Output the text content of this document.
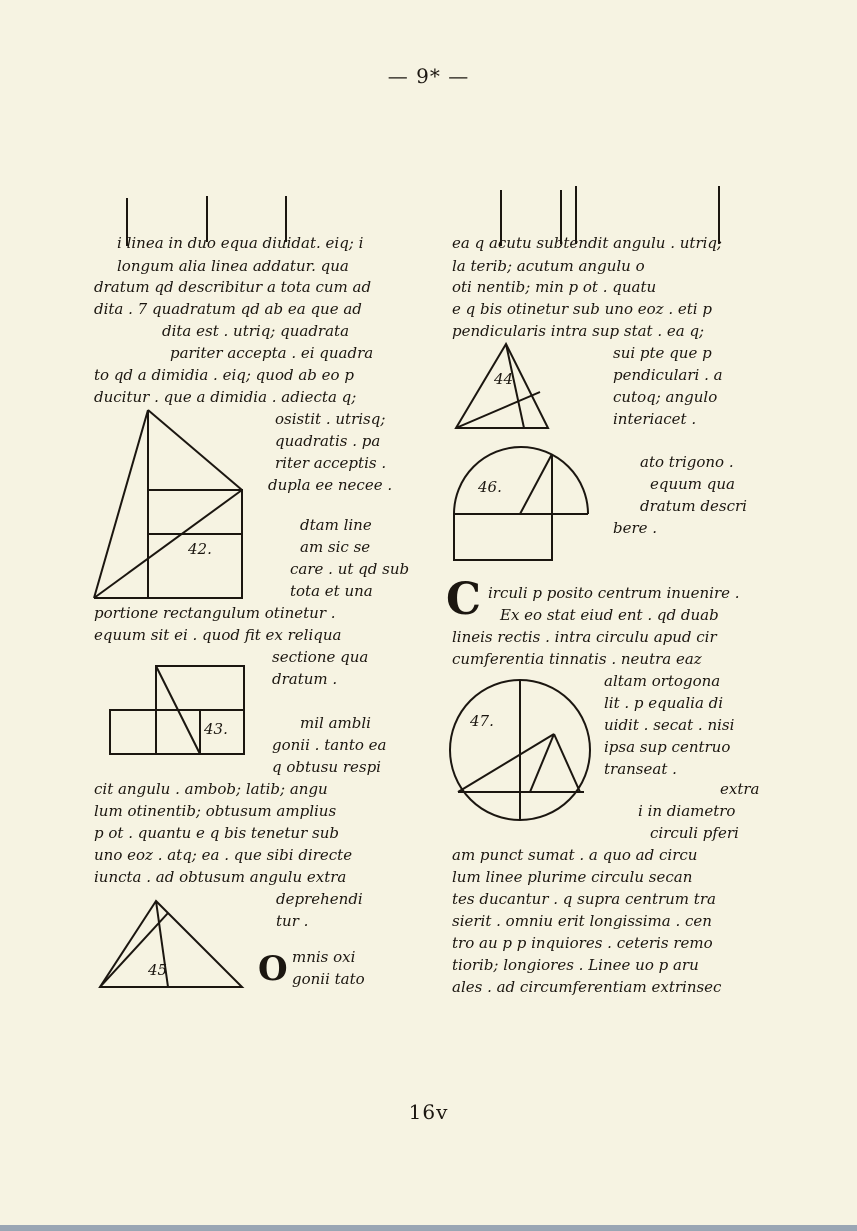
— 9* —

i linea in duo equa diuidat. eiq; i

longum alia linea addatur. qua

dratum qd describitur a tota cum ad

dita . 7 quadratum qd ab ea que ad

dita est . utriq; quadrata

pariter accepta . ei quadra

to qd a dimidia . eiq; quod ab eo p

ducitur . que a dimidia . adiecta q;

osistit . utrisq;

quadratis . pa

riter acceptis .

dupla ee necee .

dtam line

am sic se

care . ut qd sub

tota et una

portione rectangulum otinetur .

equum sit ei . quod fit ex reliqua

sectione qua

dratum .

mil ambli

gonii . tanto ea

q obtusu respi

cit angulu . ambob; latib; angu

lum otinentib; obtusum amplius

p ot . quantu e q bis tenetur sub

uno eoz . atq; ea . que sibi directe

iuncta . ad obtusum angulu extra

deprehendi

tur .

O mnis oxi

gonii tato

ea q acutu subtendit angulu . utriq;

la terib; acutum angulu o

oti nentib; min p ot . quatu

e q bis otinetur sub uno eoz . eti p

pendicularis intra sup stat . ea q;

sui pte que p

pendiculari . a

cutoq; angulo

interiacet .

ato trigono .

equum qua

dratum descri

bere .

C irculi p posito centrum inuenire .

Ex eo stat eiud ent . qd duab

lineis rectis . intra circulu apud cir

cumferentia tinnatis . neutra eaz

altam ortogona

lit . p equalia di

uidit . secat . nisi

ipsa sup centruo

transeat .

extra

i in diametro

circuli pferi

am punct sumat . a quo ad circu

lum linee plurime circulu secan

tes ducantur . q supra centrum tra

sierit . omniu erit longissima . cen

tro au p p inquiores . ceteris remo

tiorib; longiores . Linee uo p aru

ales . ad circumferentiam extrinsec

42.
43.
45
44
46.
47.
16v
